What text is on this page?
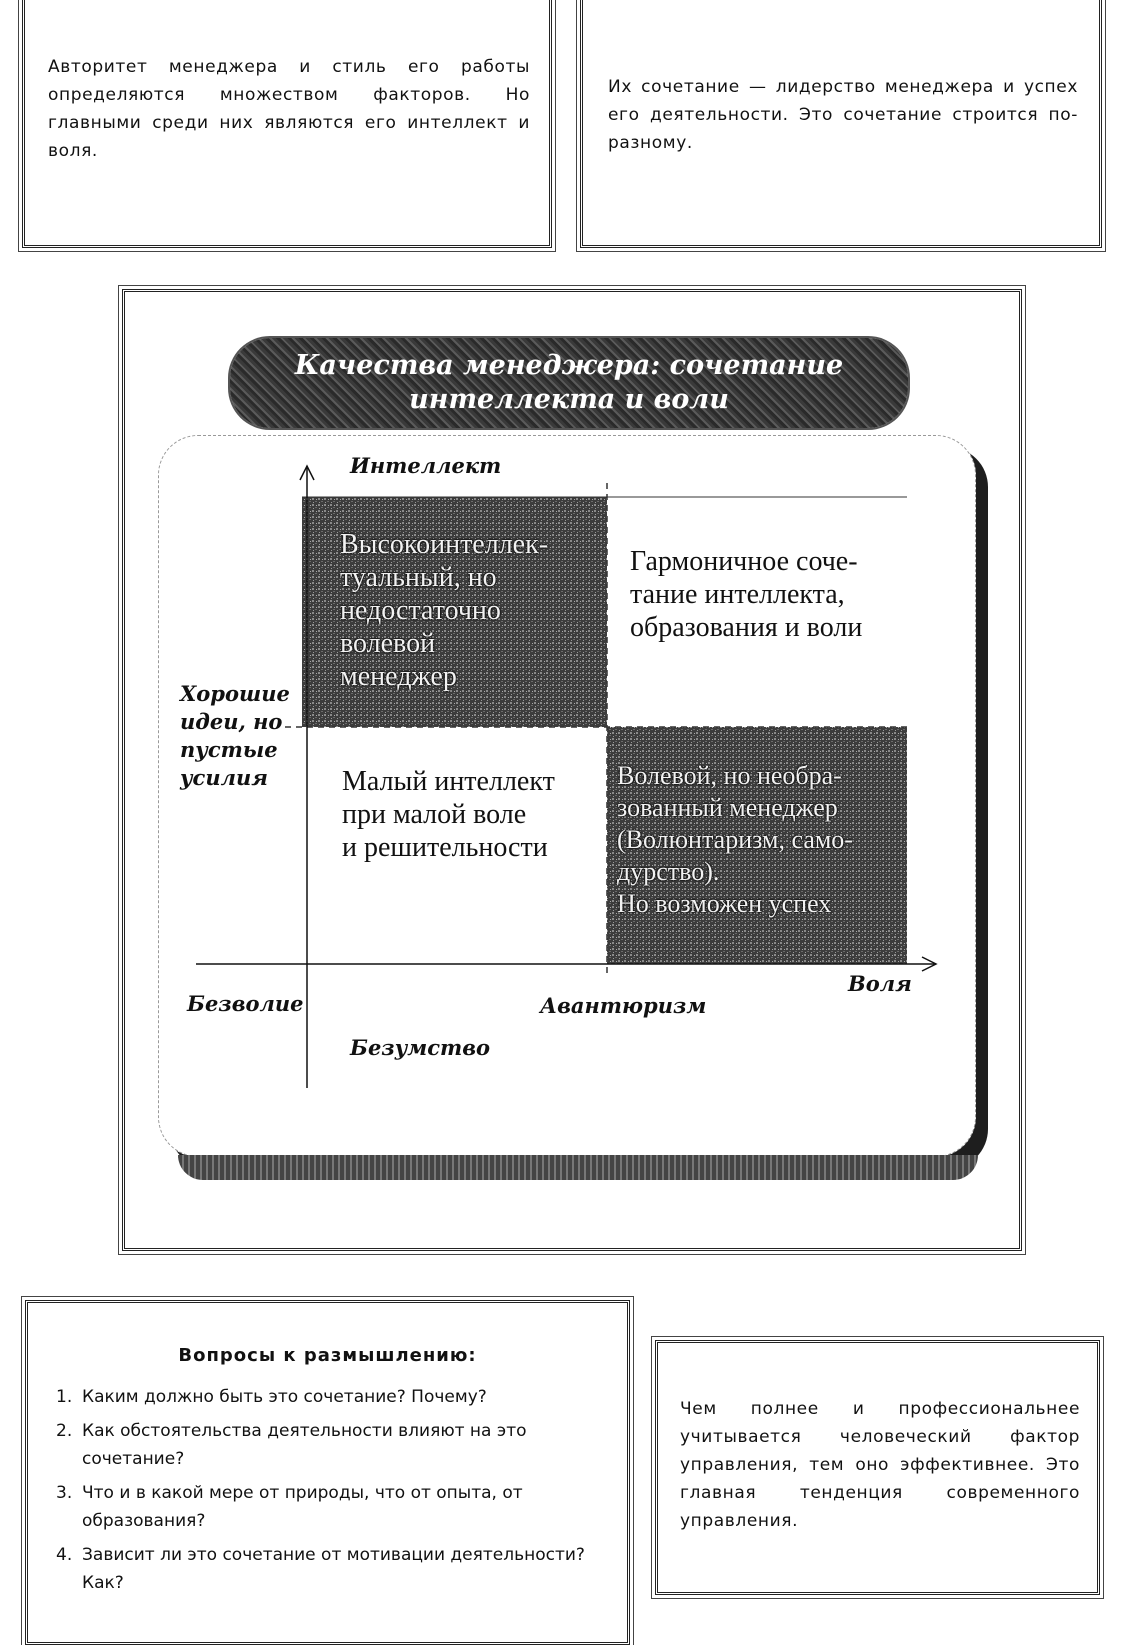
Авторитет менеджера и стиль его работы определяются множеством факторов. Но главными среди них являются его интеллект и воля.
Их сочетание — лидерство менеджера и успех его деятельности. Это сочетание строится по-разному.
Качества менеджера: сочетание
интеллекта и воли
Интеллект
Воля
Высокоинтеллек-
туальный, но
недостаточно
волевой
менеджер
Гармоничное соче-
тание интеллекта,
образования и воли
Малый интеллект
при малой воле
и решительности
Волевой, но необра-
зованный менеджер
(Волюнтаризм, само-
дурство).
Но возможен успех
Хорошие
идеи, но
пустые
усилия
Безволие	Авантюризм
Безумство
Вопросы к размышлению:
1. Каким должно быть это сочетание? Почему?
2. Как обстоятельства деятельности влияют на это сочетание?
3. Что и в какой мере от природы, что от опыта, от образования?
4. Зависит ли это сочетание от мотивации деятельности? Как?
Чем полнее и профессиональнее учитывается человеческий фактор управления, тем оно эффективнее. Это главная тенденция современного управления.
